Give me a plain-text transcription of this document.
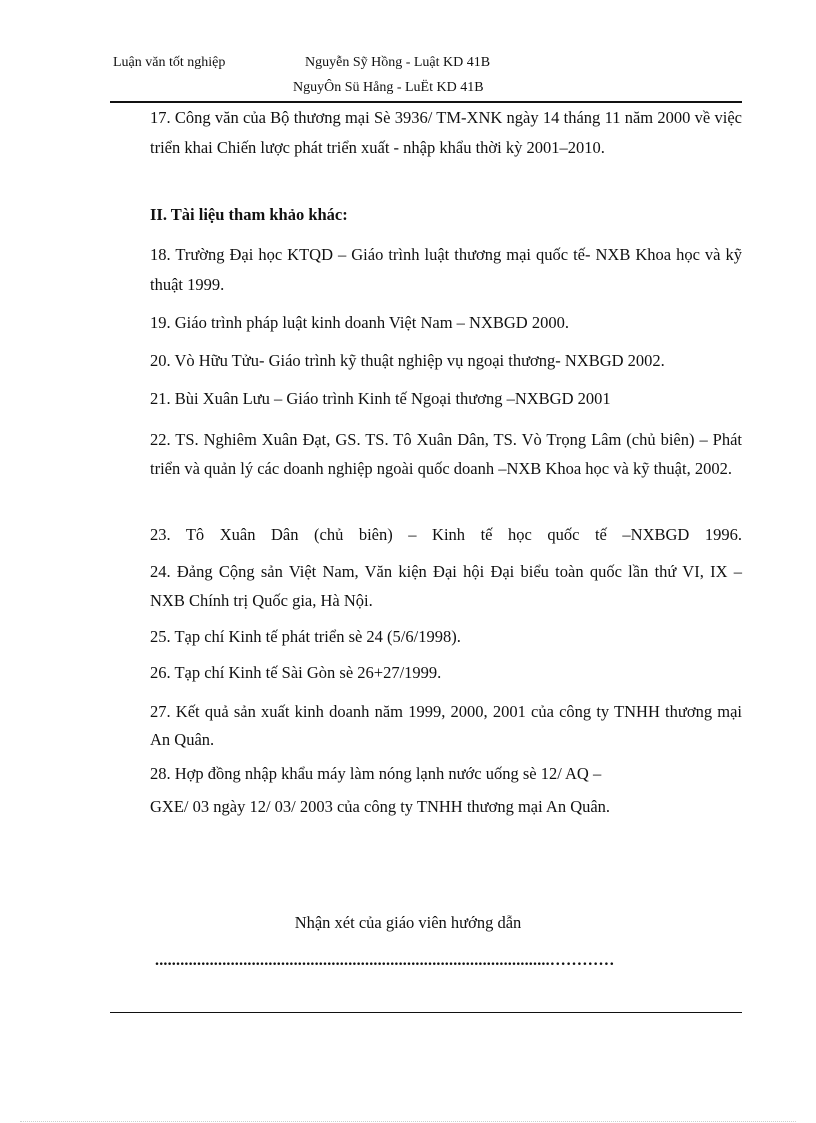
Luận văn tốt nghiệp	Nguyễn Sỹ Hồng - Luật KD 41B
NguyÔn Sü Hång - LuËt KD 41B
17. Công văn của Bộ thương mại Sè 3936/ TM-XNK ngày 14 tháng 11 năm 2000 về việc triển khai Chiến lược phát triển xuất - nhập khẩu thời kỳ 2001–2010.
II. Tài liệu tham khảo khác:
18. Trường Đại học KTQD – Giáo trình luật thương mại quốc tế- NXB Khoa học và kỹ thuật 1999.
19. Giáo trình pháp luật kinh doanh Việt Nam – NXBGD 2000.
20. Vò Hữu Tửu- Giáo trình kỹ thuật nghiệp vụ ngoại thương- NXBGD 2002.
21. Bùi Xuân Lưu – Giáo trình Kinh tế Ngoại thương –NXBGD 2001
22. TS. Nghiêm Xuân Đạt, GS. TS. Tô Xuân Dân, TS. Vò Trọng Lâm (chủ biên) – Phát triển và quản lý các doanh nghiệp ngoài quốc doanh –NXB Khoa học và kỹ thuật, 2002.
23. Tô Xuân Dân (chủ biên) – Kinh tế học quốc tế –NXBGD 1996.
24. Đảng Cộng sản Việt Nam, Văn kiện Đại hội Đại biểu toàn quốc lần thứ VI, IX – NXB Chính trị Quốc gia, Hà Nội.
25. Tạp chí Kinh tế phát triển sè 24 (5/6/1998).
26. Tạp chí Kinh tế Sài Gòn sè 26+27/1999.
27. Kết quả sản xuất kinh doanh năm 1999, 2000, 2001 của công ty TNHH thương mại An Quân.
28. Hợp đồng nhập khẩu máy làm nóng lạnh nước uống sè 12/ AQ –
GXE/ 03 ngày 12/ 03/ 2003 của công ty TNHH thương mại An Quân.
Nhận xét của giáo viên hướng dẫn
..............................................................................................…………
